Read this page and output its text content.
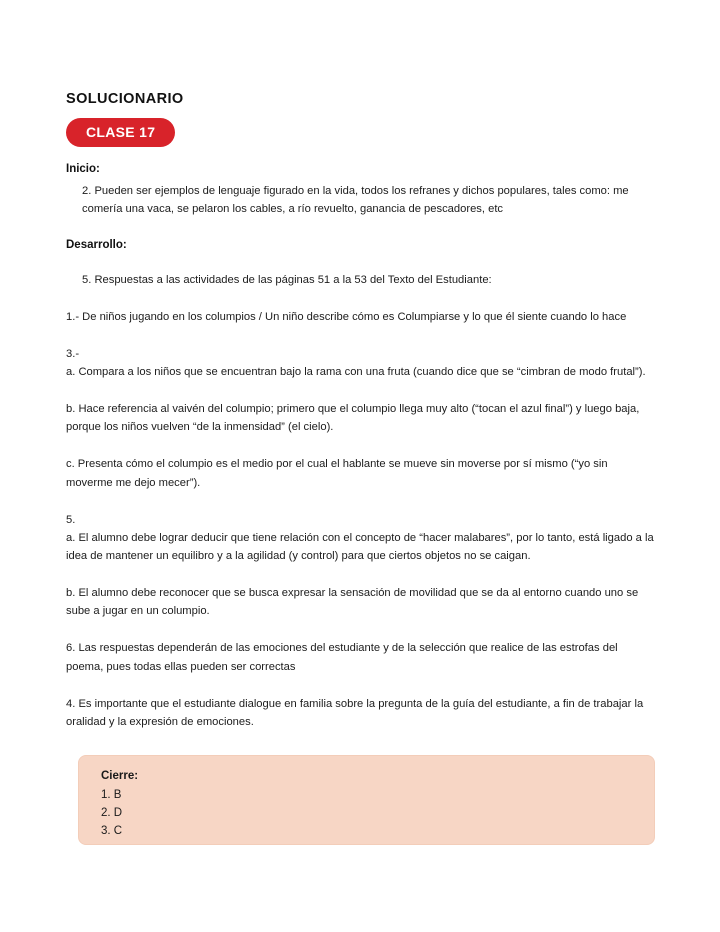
SOLUCIONARIO
CLASE 17
Inicio:

2. Pueden ser ejemplos de lenguaje figurado en la vida, todos los refranes y dichos populares, tales como: me comería una vaca, se pelaron los cables, a río revuelto, ganancia de pescadores, etc

Desarrollo:

5. Respuestas a las actividades de las páginas 51 a la 53 del Texto del Estudiante:

1.- De niños jugando en los columpios / Un niño describe cómo es Columpiarse y lo que él siente cuando lo hace

3.-

a. Compara a los niños que se encuentran bajo la rama con una fruta (cuando dice que se “cimbran de modo frutal”).

b. Hace referencia al vaivén del columpio; primero que el columpio llega muy alto (“tocan el azul final”) y luego baja, porque los niños vuelven “de la inmensidad” (el cielo).

c. Presenta cómo el columpio es el medio por el cual el hablante se mueve sin moverse por sí mismo (“yo sin moverme me dejo mecer”).

5.

a. El alumno debe lograr deducir que tiene relación con el concepto de “hacer malabares”, por lo tanto, está ligado a la idea de mantener un equilibro y a la agilidad (y control) para que ciertos objetos no se caigan.

b. El alumno debe reconocer que se busca expresar la sensación de movilidad que se da al entorno cuando uno se sube a jugar en un columpio.

6. Las respuestas dependerán de las emociones del estudiante y de la selección que realice de las estrofas del poema, pues todas ellas pueden ser correctas

4. Es importante que el estudiante dialogue en familia sobre la pregunta de la guía del estudiante, a fin de trabajar la oralidad y la expresión de emociones.

Cierre:
1. B
2. D
3. C
